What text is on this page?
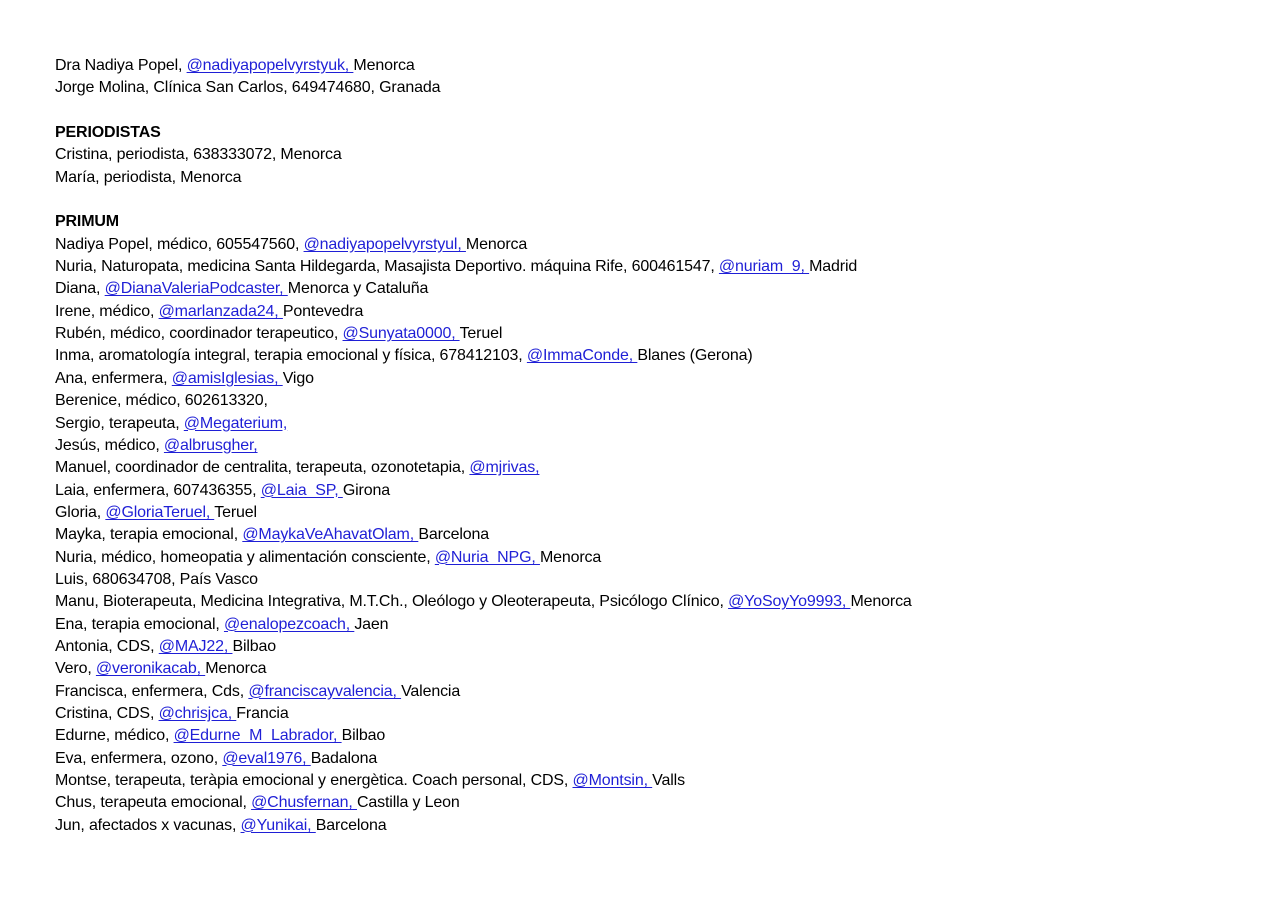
Dra Nadiya Popel, @nadiyapopelvyrstyuk, Menorca
Jorge Molina, Clínica San Carlos, 649474680, Granada
PERIODISTAS
Cristina, periodista, 638333072, Menorca
María, periodista, Menorca
PRIMUM
Nadiya Popel, médico, 605547560, @nadiyapopelvyrstyul, Menorca
Nuria, Naturopata, medicina Santa Hildegarda, Masajista Deportivo. máquina Rife, 600461547, @nuriam_9, Madrid
Diana, @DianaValeriaPodcaster, Menorca y Cataluña
Irene, médico, @marlanzada24, Pontevedra
Rubén, médico, coordinador terapeutico, @Sunyata0000, Teruel
Inma, aromatología integral, terapia emocional y física, 678412103, @ImmaConde, Blanes (Gerona)
Ana, enfermera, @amisIglesias, Vigo
Berenice, médico, 602613320,
Sergio, terapeuta, @Megaterium,
Jesús, médico, @albrusgher,
Manuel, coordinador de centralita, terapeuta, ozonotetapia, @mjrivas,
Laia, enfermera, 607436355, @Laia_SP, Girona
Gloria, @GloriaTeruel, Teruel
Mayka, terapia emocional, @MaykaVeAhavatOlam, Barcelona
Nuria, médico, homeopatia y alimentación consciente, @Nuria_NPG, Menorca
Luis, 680634708, País Vasco
Manu, Bioterapeuta, Medicina Integrativa, M.T.Ch., Oleólogo y Oleoterapeuta, Psicólogo Clínico, @YoSoyYo9993, Menorca
Ena, terapia emocional, @enalopezcoach, Jaen
Antonia, CDS, @MAJ22, Bilbao
Vero, @veronikacab, Menorca
Francisca, enfermera, Cds, @franciscayvalencia, Valencia
Cristina, CDS, @chrisjca, Francia
Edurne, médico, @Edurne_M_Labrador, Bilbao
Eva, enfermera, ozono, @eval1976, Badalona
Montse, terapeuta, teràpia emocional y energètica. Coach personal, CDS, @Montsin, Valls
Chus, terapeuta emocional, @Chusfernan, Castilla y Leon
Jun, afectados x vacunas, @Yunikai, Barcelona
